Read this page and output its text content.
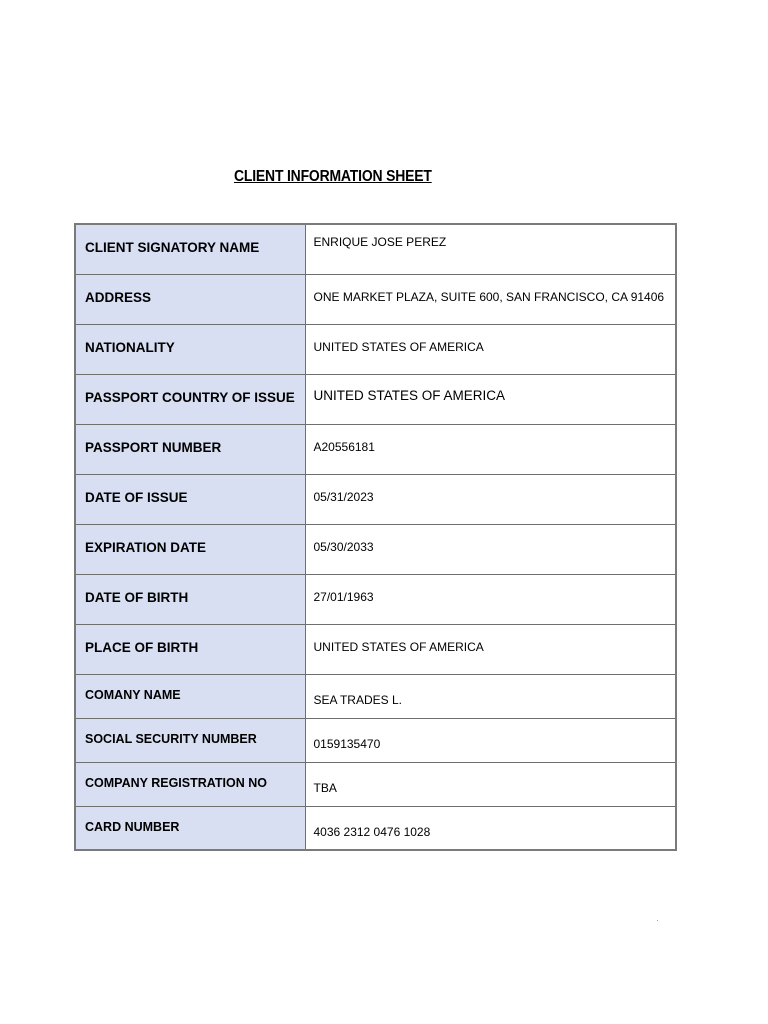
CLIENT INFORMATION SHEET
CLIENT SIGNATORY NAME	ENRIQUE JOSE PEREZ

ADDRESS	ONE MARKET PLAZA, SUITE 600, SAN FRANCISCO, CA 91406

NATIONALITY	UNITED STATES OF AMERICA

PASSPORT COUNTRY OF ISSUE	UNITED STATES OF AMERICA

PASSPORT NUMBER	A20556181

DATE OF ISSUE	05/31/2023

EXPIRATION DATE	05/30/2033

DATE OF BIRTH	27/01/1963

PLACE OF BIRTH	UNITED STATES OF AMERICA

COMANY NAME	SEA TRADES L.

SOCIAL SECURITY NUMBER	0159135470

COMPANY REGISTRATION NO	TBA

CARD NUMBER	4036 2312 0476 1028
